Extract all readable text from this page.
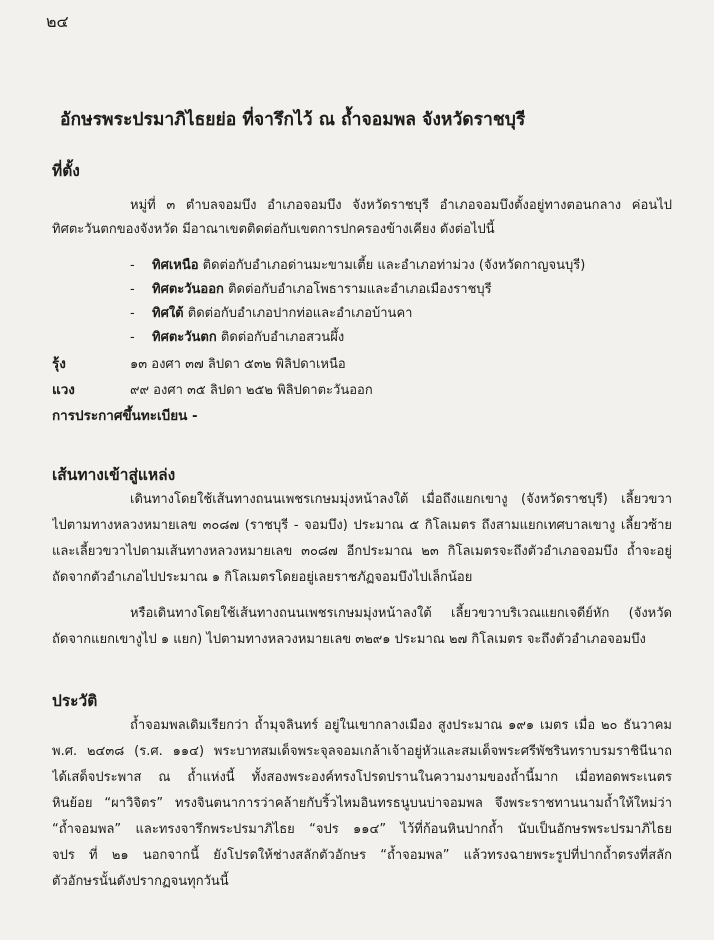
๒๔
อักษรพระปรมาภิไธยย่อ ที่จารึกไว้ ณ ถ้ำจอมพล จังหวัดราชบุรี
ที่ตั้ง
หมู่ที่ ๓ ตำบลจอมบึง อำเภอจอมบึง จังหวัดราชบุรี อำเภอจอมบึงตั้งอยู่ทางตอนกลาง ค่อนไป
ทิศตะวันตกของจังหวัด มีอาณาเขตติดต่อกับเขตการปกครองข้างเคียง ดังต่อไปนี้
- ทิศเหนือ ติดต่อกับอำเภอด่านมะขามเตี้ย และอำเภอท่าม่วง (จังหวัดกาญจนบุรี)
- ทิศตะวันออก ติดต่อกับอำเภอโพธารามและอำเภอเมืองราชบุรี
- ทิศใต้ ติดต่อกับอำเภอปากท่อและอำเภอบ้านคา
- ทิศตะวันตก ติดต่อกับอำเภอสวนผึ้ง
รุ้ง	๑๓ องศา ๓๗ ลิปดา ๕๓๒ พิลิปดาเหนือ
แวง	๙๙ องศา ๓๕ ลิปดา ๒๕๒ พิลิปดาตะวันออก
การประกาศขึ้นทะเบียน -
เส้นทางเข้าสู่แหล่ง
เดินทางโดยใช้เส้นทางถนนเพชรเกษมมุ่งหน้าลงใต้ เมื่อถึงแยกเขางู (จังหวัดราชบุรี) เลี้ยวขวา
ไปตามทางหลวงหมายเลข ๓๐๘๗ (ราชบุรี - จอมบึง) ประมาณ ๕ กิโลเมตร ถึงสามแยกเทศบาลเขางู เลี้ยวซ้าย
และเลี้ยวขวาไปตามเส้นทางหลวงหมายเลข ๓๐๘๗ อีกประมาณ ๒๓ กิโลเมตรจะถึงตัวอำเภอจอมบึง ถ้ำจะอยู่
ถัดจากตัวอำเภอไปประมาณ ๑ กิโลเมตรโดยอยู่เลยราชภัฏจอมบึงไปเล็กน้อย
หรือเดินทางโดยใช้เส้นทางถนนเพชรเกษมมุ่งหน้าลงใต้ เลี้ยวขวาบริเวณแยกเจดีย์หัก (จังหวัด
ถัดจากแยกเขางูไป ๑ แยก) ไปตามทางหลวงหมายเลข ๓๒๙๑ ประมาณ ๒๗ กิโลเมตร จะถึงตัวอำเภอจอมบึง
ประวัติ
ถ้ำจอมพลเดิมเรียกว่า ถ้ำมุจลินทร์ อยู่ในเขากลางเมือง สูงประมาณ ๑๙๑ เมตร เมื่อ ๒๐ ธันวาคม
พ.ศ. ๒๔๓๘ (ร.ศ. ๑๑๔) พระบาทสมเด็จพระจุลจอมเกล้าเจ้าอยู่หัวและสมเด็จพระศรีพัชรินทราบรมราชินีนาถ
ได้เสด็จประพาส ณ ถ้ำแห่งนี้ ทั้งสองพระองค์ทรงโปรดปรานในความงามของถ้ำนี้มาก เมื่อทอดพระเนตร
หินย้อย “ผาวิจิตร” ทรงจินตนาการว่าคล้ายกับริ้วไหมอินทรธนูบนบ่าจอมพล จึงพระราชทานนามถ้ำให้ใหม่ว่า
“ถ้ำจอมพล” และทรงจารึกพระปรมาภิไธย “จปร ๑๑๔” ไว้ที่ก้อนหินปากถ้ำ นับเป็นอักษรพระปรมาภิไธย
จปร ที่ ๒๑ นอกจากนี้ ยังโปรดให้ช่างสลักตัวอักษร “ถ้ำจอมพล” แล้วทรงฉายพระรูปที่ปากถ้ำตรงที่สลัก
ตัวอักษรนั้นดังปรากฏจนทุกวันนี้
